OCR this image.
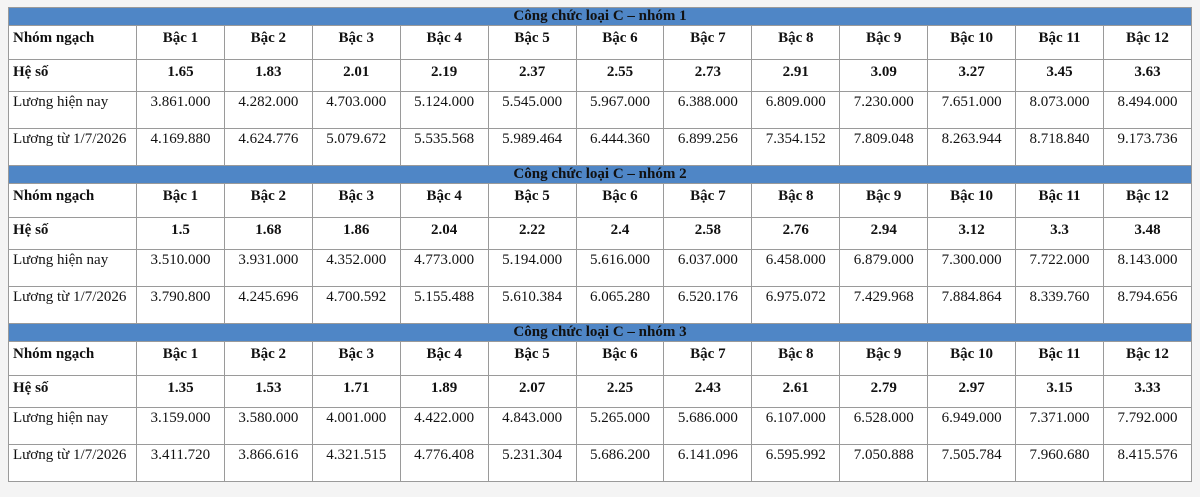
Công chức loại C – nhóm 1												
Nhóm ngạch	Bậc 1	Bậc 2	Bậc 3	Bậc 4	Bậc 5	Bậc 6	Bậc 7	Bậc 8	Bậc 9	Bậc 10	Bậc 11	Bậc 12
Hệ số	1.65	1.83	2.01	2.19	2.37	2.55	2.73	2.91	3.09	3.27	3.45	3.63
Lương hiện nay	3.861.000	4.282.000	4.703.000	5.124.000	5.545.000	5.967.000	6.388.000	6.809.000	7.230.000	7.651.000	8.073.000	8.494.000
Lương từ 1/7/2026	4.169.880	4.624.776	5.079.672	5.535.568	5.989.464	6.444.360	6.899.256	7.354.152	7.809.048	8.263.944	8.718.840	9.173.736
Công chức loại C – nhóm 2												
Nhóm ngạch	Bậc 1	Bậc 2	Bậc 3	Bậc 4	Bậc 5	Bậc 6	Bậc 7	Bậc 8	Bậc 9	Bậc 10	Bậc 11	Bậc 12
Hệ số	1.5	1.68	1.86	2.04	2.22	2.4	2.58	2.76	2.94	3.12	3.3	3.48
Lương hiện nay	3.510.000	3.931.000	4.352.000	4.773.000	5.194.000	5.616.000	6.037.000	6.458.000	6.879.000	7.300.000	7.722.000	8.143.000
Lương từ 1/7/2026	3.790.800	4.245.696	4.700.592	5.155.488	5.610.384	6.065.280	6.520.176	6.975.072	7.429.968	7.884.864	8.339.760	8.794.656
Công chức loại C – nhóm 3												
Nhóm ngạch	Bậc 1	Bậc 2	Bậc 3	Bậc 4	Bậc 5	Bậc 6	Bậc 7	Bậc 8	Bậc 9	Bậc 10	Bậc 11	Bậc 12
Hệ số	1.35	1.53	1.71	1.89	2.07	2.25	2.43	2.61	2.79	2.97	3.15	3.33
Lương hiện nay	3.159.000	3.580.000	4.001.000	4.422.000	4.843.000	5.265.000	5.686.000	6.107.000	6.528.000	6.949.000	7.371.000	7.792.000
Lương từ 1/7/2026	3.411.720	3.866.616	4.321.515	4.776.408	5.231.304	5.686.200	6.141.096	6.595.992	7.050.888	7.505.784	7.960.680	8.415.576
